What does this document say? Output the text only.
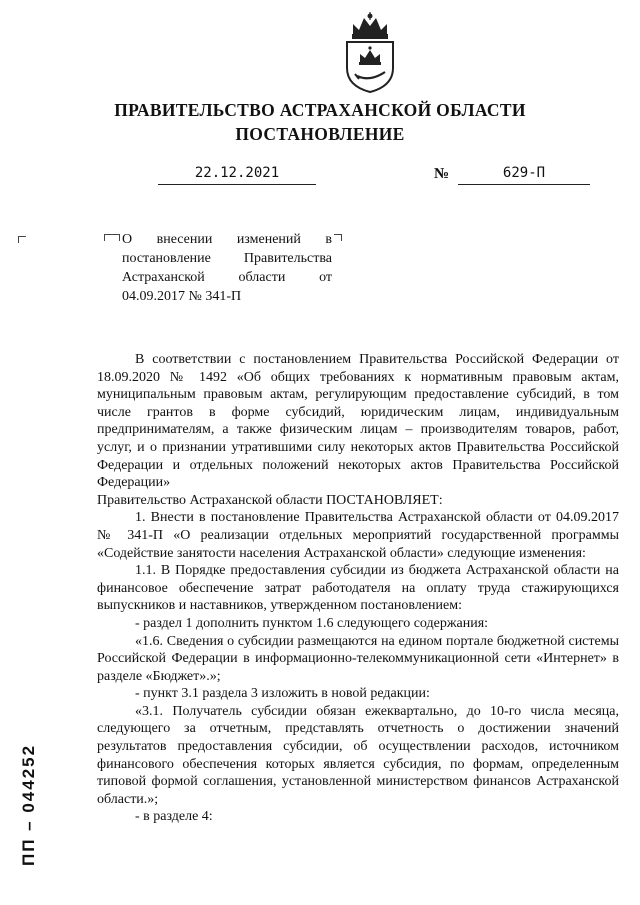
ПРАВИТЕЛЬСТВО АСТРАХАНСКОЙ ОБЛАСТИ
ПОСТАНОВЛЕНИЕ
22.12.2021	№	629-П
О внесении изменений в постановление Правительства Астраханской области от 04.09.2017 № 341-П

В соответствии с постановлением Правительства Российской Федерации от 18.09.2020 № 1492 «Об общих требованиях к нормативным правовым актам, муниципальным правовым актам, регулирующим предоставление субсидий, в том числе грантов в форме субсидий, юридическим лицам, индивидуальным предпринимателям, а также физическим лицам – производителям товаров, работ, услуг, и о признании утратившими силу некоторых актов Правительства Российской Федерации и отдельных положений некоторых актов Правительства Российской Федерации»

Правительство Астраханской области ПОСТАНОВЛЯЕТ:

1. Внести в постановление Правительства Астраханской области от 04.09.2017 № 341-П «О реализации отдельных мероприятий государственной программы «Содействие занятости населения Астраханской области» следующие изменения:

1.1. В Порядке предоставления субсидии из бюджета Астраханской области на финансовое обеспечение затрат работодателя на оплату труда стажирующихся выпускников и наставников, утвержденном постановлением:

- раздел 1 дополнить пунктом 1.6 следующего содержания:

«1.6. Сведения о субсидии размещаются на едином портале бюджетной системы Российской Федерации в информационно-телекоммуникационной сети «Интернет» в разделе «Бюджет».»;

- пункт 3.1 раздела 3 изложить в новой редакции:

«3.1. Получатель субсидии обязан ежеквартально, до 10-го числа месяца, следующего за отчетным, представлять отчетность о достижении значений результатов предоставления субсидии, об осуществлении расходов, источником финансового обеспечения которых является субсидия, по формам, определенным типовой формой соглашения, установленной министерством финансов Астраханской области.»;

- в разделе 4:

ПП – 044252
